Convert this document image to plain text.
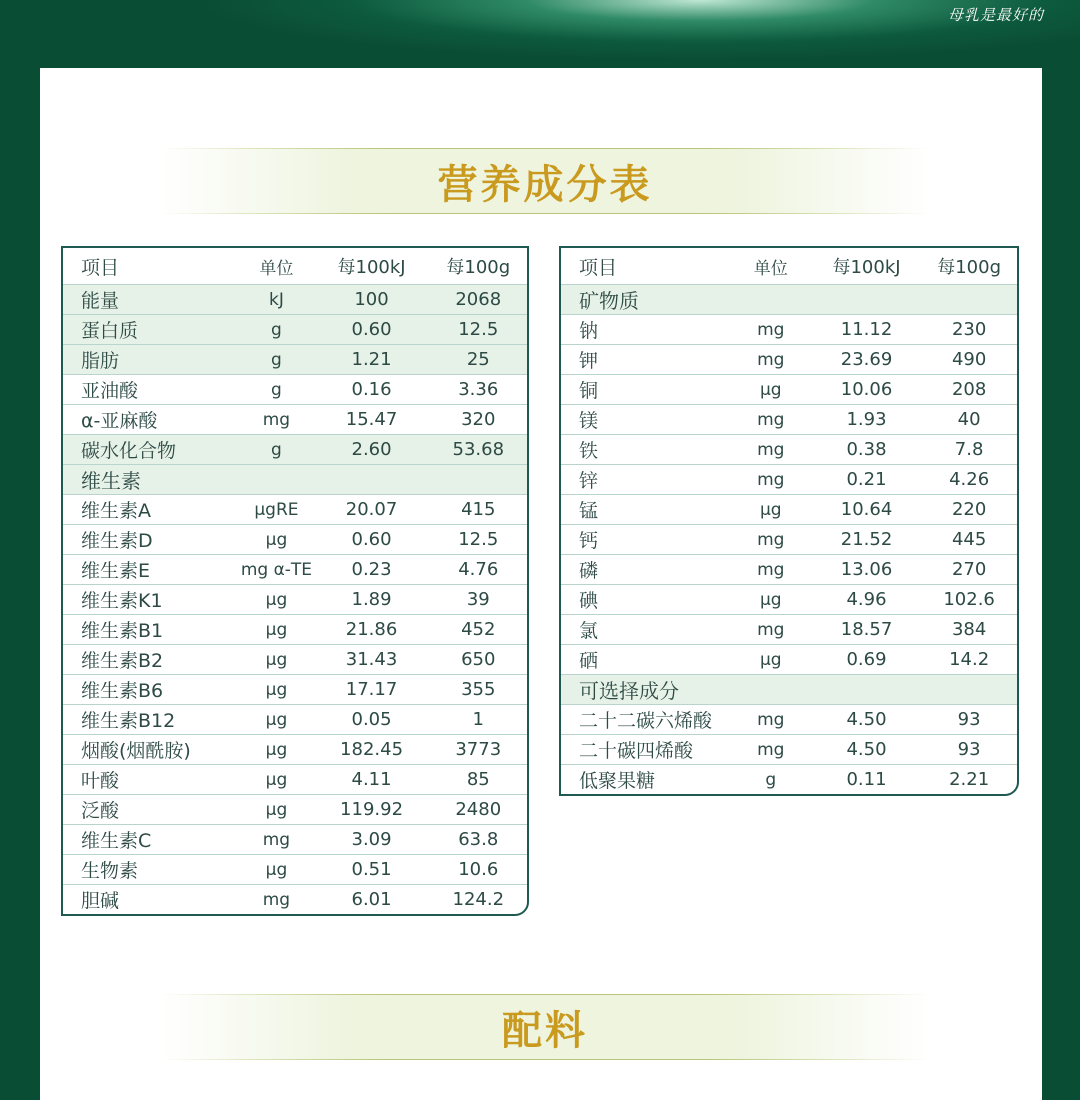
母乳是最好的
营养成分表
项目	单位	每100kJ	每100g
能量	kJ	100	2068
蛋白质	g	0.60	12.5
脂肪	g	1.21	25
亚油酸	g	0.16	3.36
α-亚麻酸	mg	15.47	320
碳水化合物	g	2.60	53.68
维生素			
维生素A	μgRE	20.07	415
维生素D	μg	0.60	12.5
维生素E	mg α-TE	0.23	4.76
维生素K1	μg	1.89	39
维生素B1	μg	21.86	452
维生素B2	μg	31.43	650
维生素B6	μg	17.17	355
维生素B12	μg	0.05	1
烟酸(烟酰胺)	μg	182.45	3773
叶酸	μg	4.11	85
泛酸	μg	119.92	2480
维生素C	mg	3.09	63.8
生物素	μg	0.51	10.6
胆碱	mg	6.01	124.2
项目	单位	每100kJ	每100g
矿物质			
钠	mg	11.12	230
钾	mg	23.69	490
铜	μg	10.06	208
镁	mg	1.93	40
铁	mg	0.38	7.8
锌	mg	0.21	4.26
锰	μg	10.64	220
钙	mg	21.52	445
磷	mg	13.06	270
碘	μg	4.96	102.6
氯	mg	18.57	384
硒	μg	0.69	14.2
可选择成分			
二十二碳六烯酸	mg	4.50	93
二十碳四烯酸	mg	4.50	93
低聚果糖	g	0.11	2.21
配料
